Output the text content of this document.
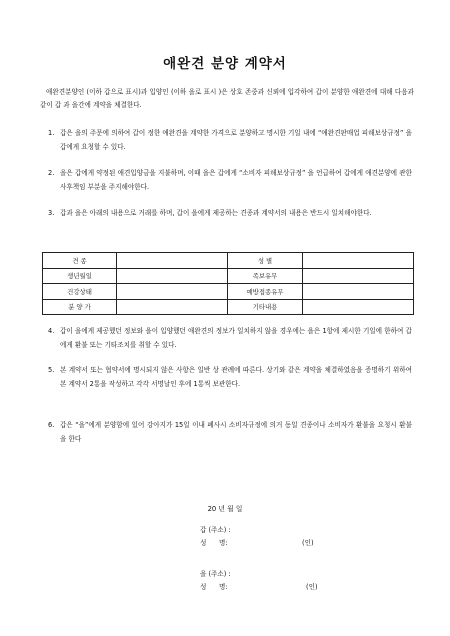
애완견 분양 계약서
애완견분양인 (이하 갑으로 표시)과 입양인 (이하 을로 표시 )은 상호 존중과 신뢰에 입각하여 갑이 분양한 애완견에 대해 다음과 같이 갑 과 을간에 계약을 체결한다.
1. 갑은 을의 주문에 의하여 갑이 정한 애완견을 계약한 가격으로 분양하고 명시한 기일 내에 “애완견판매업 피해보상규정” 을 갑에게 요청할 수 있다.
2. 을은 갑에게 약정된 애견입양금을 지불하며, 이때 을은 갑에게 “소비자 피해보상규정” 을 언급하여 갑에게 애견분양에 관한 사후책임 부분을 주지해야한다.
3. 갑과 을은 아래의 내용으로 거래를 하며, 갑이 을에게 제공하는 견종과 계약서의 내용은 반드시 일치해야한다.
견 종		성 별	
생년월일		족보유무	
건강상태		예방접종유무	
분 양 가		기타내용	
4. 갑이 을에게 제공했던 정보와 을이 입양했던 애완견의 정보가 일치하지 않을 경우에는 을은 1항에 제시한 기일에 한하여 갑에게 환불 또는 기타조치를 취할 수 있다.
5. 본 계약서 또는 협약서에 명시되지 않은 사항은 일반 상 관례에 따른다. 상기와 같은 계약을 체결하였음을 증명하기 위하여 본 계약서 2통을 작성하고 각각 서명날인 후에 1통씩 보관한다.
6. 갑은 “을”에게 분양함에 있어 강아지가 15일 이내 폐사시 소비자규정에 의거 동일 견종이나 소비자가 환불을 요청시 환불을 한다
20 년 월 일
갑 (주소) :
성      명:	(인)
을 (주소) :
성      명:	(인)
